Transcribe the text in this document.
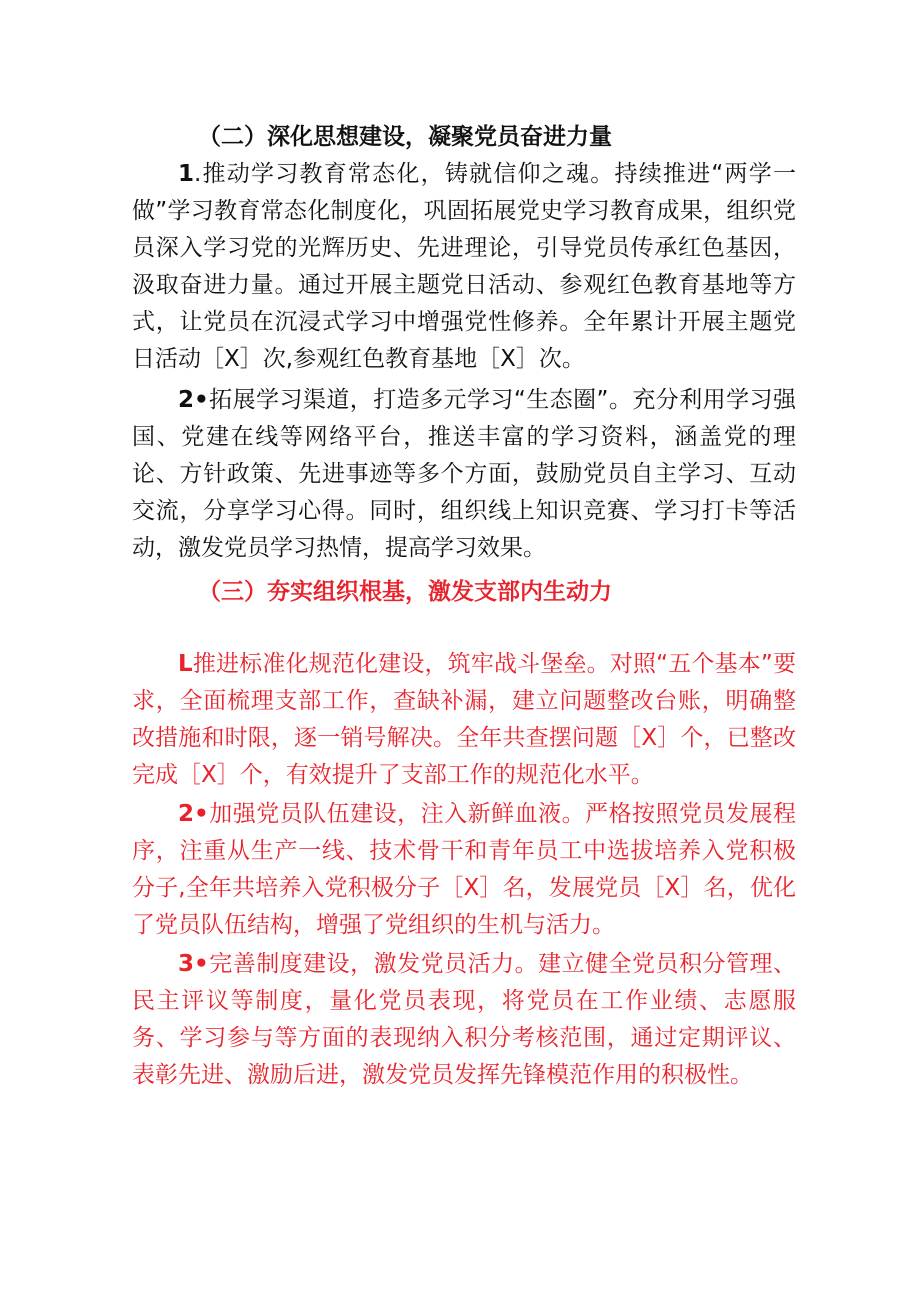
（二）深化思想建设，凝聚党员奋进力量

1.推动学习教育常态化，铸就信仰之魂。持续推进“两学一做”学习教育常态化制度化，巩固拓展党史学习教育成果，组织党员深入学习党的光辉历史、先进理论，引导党员传承红色基因，汲取奋进力量。通过开展主题党日活动、参观红色教育基地等方式，让党员在沉浸式学习中增强党性修养。全年累计开展主题党日活动［X］次,参观红色教育基地［X］次。

2•拓展学习渠道，打造多元学习“生态圈”。充分利用学习强国、党建在线等网络平台，推送丰富的学习资料，涵盖党的理论、方针政策、先进事迹等多个方面，鼓励党员自主学习、互动交流，分享学习心得。同时，组织线上知识竞赛、学习打卡等活动，激发党员学习热情，提高学习效果。

（三）夯实组织根基，激发支部内生动力

L推进标准化规范化建设，筑牢战斗堡垒。对照“五个基本”要求，全面梳理支部工作，查缺补漏，建立问题整改台账，明确整改措施和时限，逐一销号解决。全年共查摆问题［X］个，已整改完成［X］个，有效提升了支部工作的规范化水平。

2•加强党员队伍建设，注入新鲜血液。严格按照党员发展程序，注重从生产一线、技术骨干和青年员工中选拔培养入党积极分子,全年共培养入党积极分子［X］名，发展党员［X］名，优化了党员队伍结构，增强了党组织的生机与活力。

3•完善制度建设，激发党员活力。建立健全党员积分管理、民主评议等制度，量化党员表现，将党员在工作业绩、志愿服务、学习参与等方面的表现纳入积分考核范围，通过定期评议、表彰先进、激励后进，激发党员发挥先锋模范作用的积极性。
